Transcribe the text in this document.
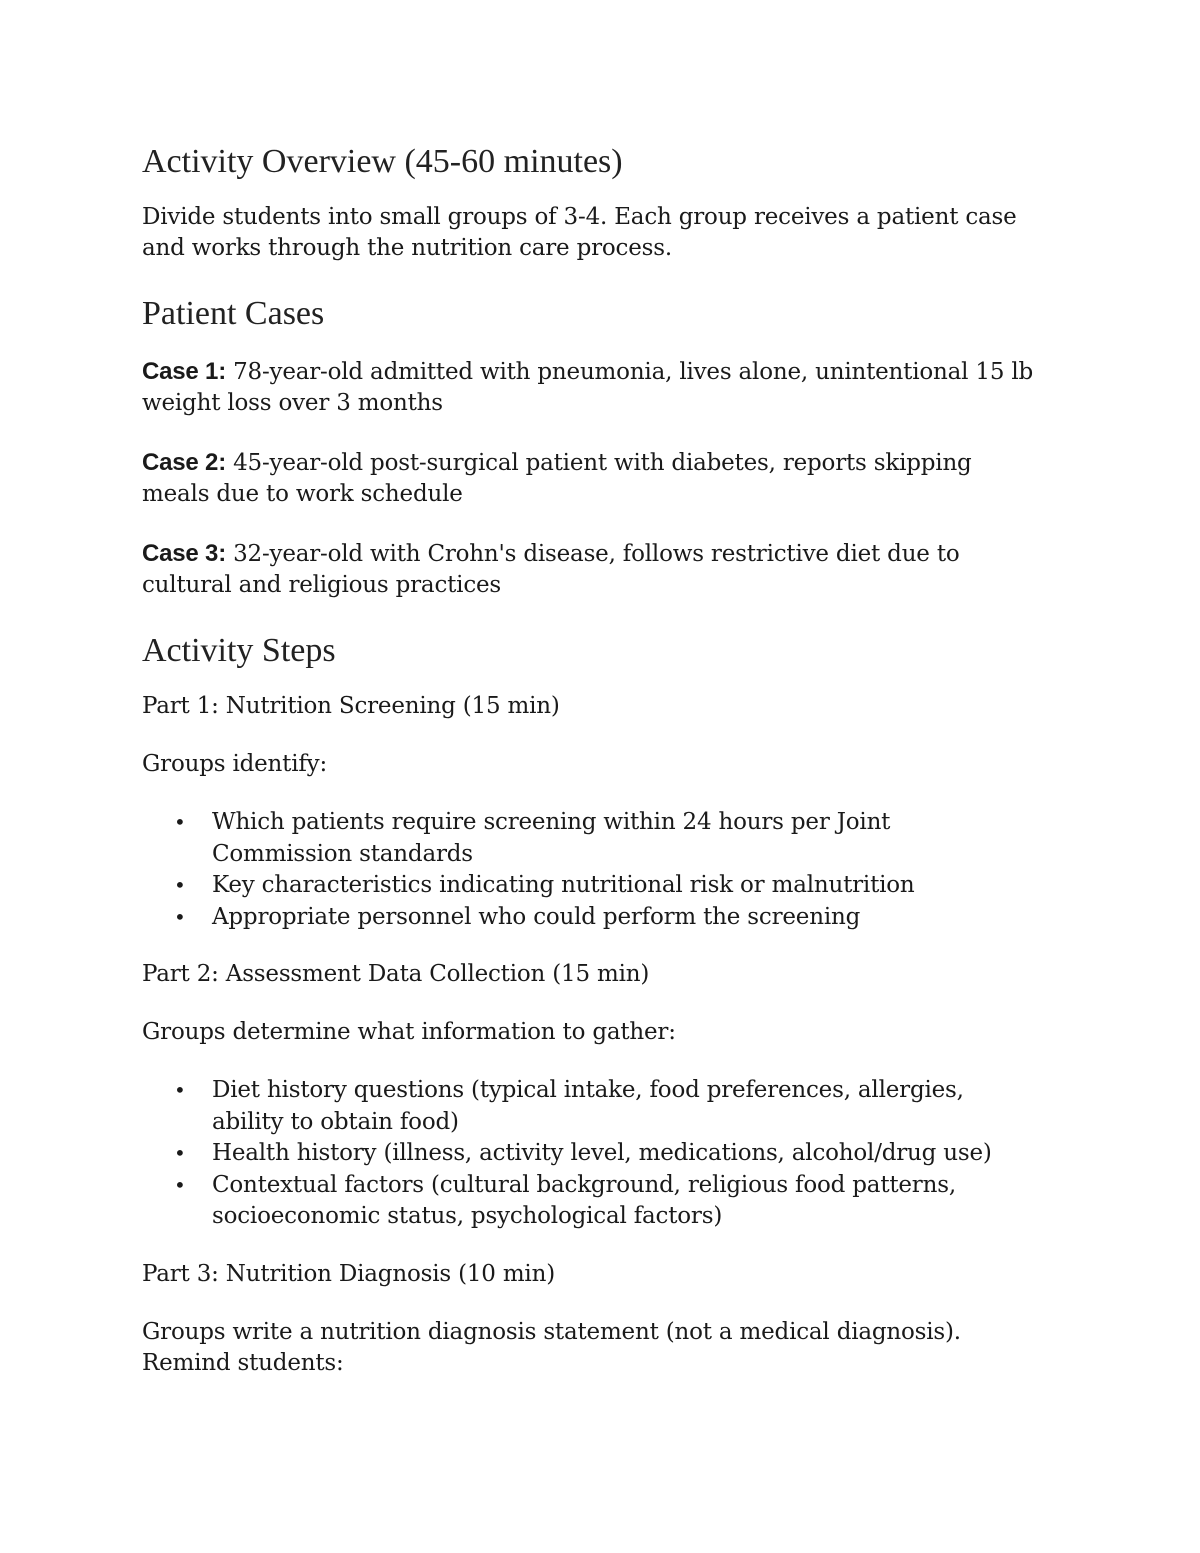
Activity Overview (45-60 minutes)

Divide students into small groups of 3-4. Each group receives a patient case and works through the nutrition care process.

Patient Cases

Case 1: 78-year-old admitted with pneumonia, lives alone, unintentional 15 lb weight loss over 3 months

Case 2: 45-year-old post-surgical patient with diabetes, reports skipping meals due to work schedule

Case 3: 32-year-old with Crohn's disease, follows restrictive diet due to cultural and religious practices

Activity Steps

Part 1: Nutrition Screening (15 min)

Groups identify:

• Which patients require screening within 24 hours per Joint Commission standards
• Key characteristics indicating nutritional risk or malnutrition
• Appropriate personnel who could perform the screening

Part 2: Assessment Data Collection (15 min)

Groups determine what information to gather:

• Diet history questions (typical intake, food preferences, allergies, ability to obtain food)
• Health history (illness, activity level, medications, alcohol/drug use)
• Contextual factors (cultural background, religious food patterns, socioeconomic status, psychological factors)

Part 3: Nutrition Diagnosis (10 min)

Groups write a nutrition diagnosis statement (not a medical diagnosis). Remind students:
